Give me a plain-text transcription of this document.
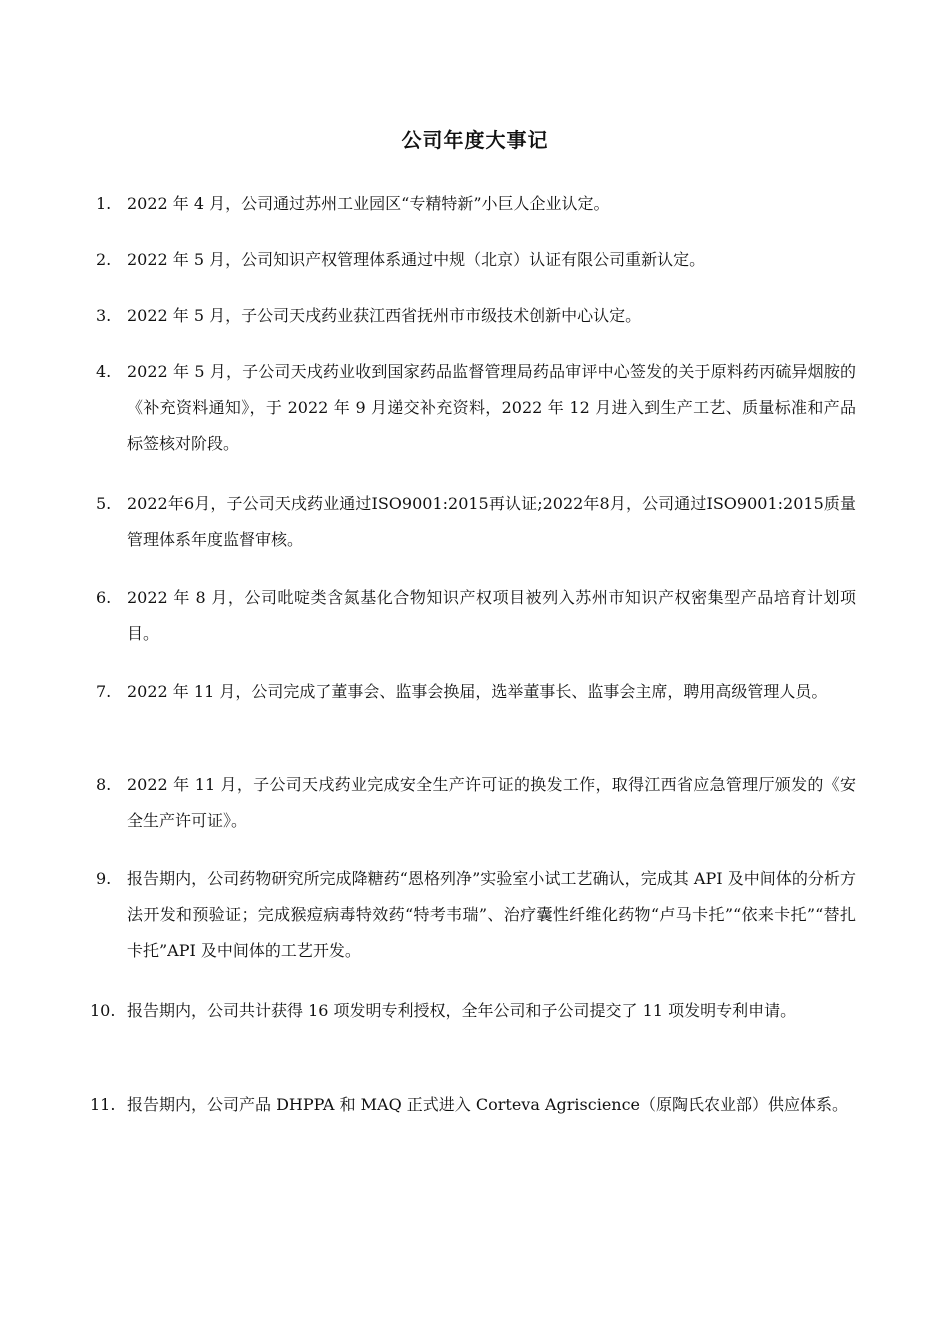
公司年度大事记
1. 2022 年 4 月，公司通过苏州工业园区“专精特新”小巨人企业认定。
2. 2022 年 5 月，公司知识产权管理体系通过中规（北京）认证有限公司重新认定。
3. 2022 年 5 月，子公司天戌药业获江西省抚州市市级技术创新中心认定。
4. 2022 年 5 月，子公司天戌药业收到国家药品监督管理局药品审评中心签发的关于原料药丙硫异烟胺的《补充资料通知》，于 2022 年 9 月递交补充资料，2022 年 12 月进入到生产工艺、质量标准和产品标签核对阶段。
5. 2022年6月，子公司天戌药业通过ISO9001:2015再认证;2022年8月，公司通过ISO9001:2015质量管理体系年度监督审核。
6. 2022 年 8 月，公司吡啶类含氮基化合物知识产权项目被列入苏州市知识产权密集型产品培育计划项目。
7. 2022 年 11 月，公司完成了董事会、监事会换届，选举董事长、监事会主席，聘用高级管理人员。
8. 2022 年 11 月，子公司天戌药业完成安全生产许可证的换发工作，取得江西省应急管理厅颁发的《安全生产许可证》。
9. 报告期内，公司药物研究所完成降糖药“恩格列净”实验室小试工艺确认，完成其 API 及中间体的分析方法开发和预验证；完成猴痘病毒特效药“特考韦瑞”、治疗囊性纤维化药物“卢马卡托”“依来卡托”“替扎卡托”API 及中间体的工艺开发。
10. 报告期内，公司共计获得 16 项发明专利授权，全年公司和子公司提交了 11 项发明专利申请。
11. 报告期内，公司产品 DHPPA 和 MAQ 正式进入 Corteva Agriscience（原陶氏农业部）供应体系。
